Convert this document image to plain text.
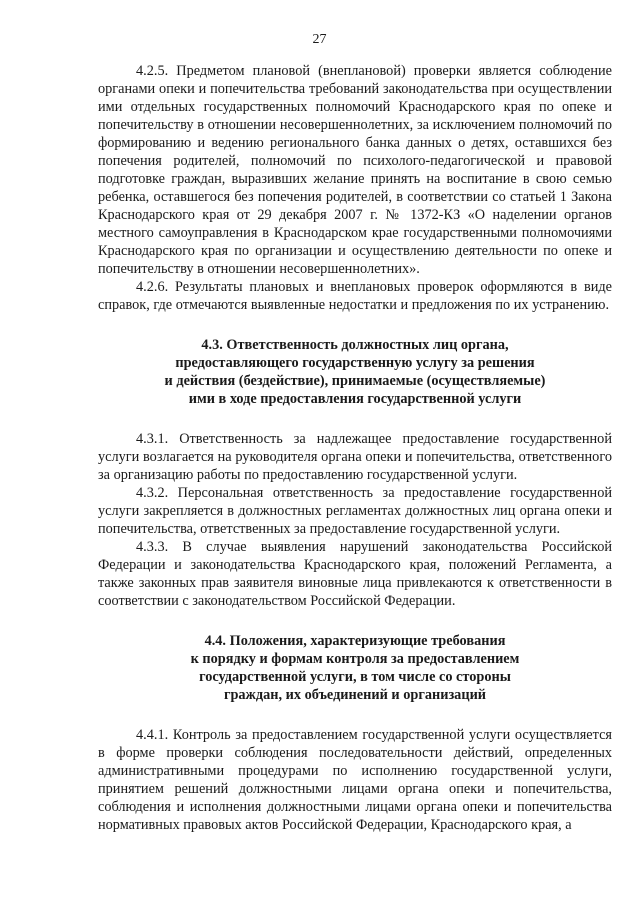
27

4.2.5. Предметом плановой (внеплановой) проверки является соблюдение органами опеки и попечительства требований законодательства при осуществлении ими отдельных государственных полномочий Краснодарского края по опеке и попечительству в отношении несовершеннолетних, за исключением полномочий по формированию и ведению регионального банка данных о детях, оставшихся без попечения родителей, полномочий по психолого-педагогической и правовой подготовке граждан, выразивших желание принять на воспитание в свою семью ребенка, оставшегося без попечения родителей, в соответствии со статьей 1 Закона Краснодарского края от 29 декабря 2007 г. № 1372-КЗ «О наделении органов местного самоуправления в Краснодарском крае государственными полномочиями Краснодарского края по организации и осуществлению деятельности по опеке и попечительству в отношении несовершеннолетних».

4.2.6. Результаты плановых и внеплановых проверок оформляются в виде справок, где отмечаются выявленные недостатки и предложения по их устранению.

4.3. Ответственность должностных лиц органа,
предоставляющего государственную услугу за решения
и действия (бездействие), принимаемые (осуществляемые)
ими в ходе предоставления государственной услуги

4.3.1. Ответственность за надлежащее предоставление государственной услуги возлагается на руководителя органа опеки и попечительства, ответственного за организацию работы по предоставлению государственной услуги.

4.3.2. Персональная ответственность за предоставление государственной услуги закрепляется в должностных регламентах должностных лиц органа опеки и попечительства, ответственных за предоставление государственной услуги.

4.3.3. В случае выявления нарушений законодательства Российской Федерации и законодательства Краснодарского края, положений Регламента, а также законных прав заявителя виновные лица привлекаются к ответственности в соответствии с законодательством Российской Федерации.

4.4. Положения, характеризующие требования
к порядку и формам контроля за предоставлением
государственной услуги, в том числе со стороны
граждан, их объединений и организаций

4.4.1. Контроль за предоставлением государственной услуги осуществляется в форме проверки соблюдения последовательности действий, определенных административными процедурами по исполнению государственной услуги, принятием решений должностными лицами органа опеки и попечительства, соблюдения и исполнения должностными лицами органа опеки и попечительства нормативных правовых актов Российской Федерации, Краснодарского края, а
